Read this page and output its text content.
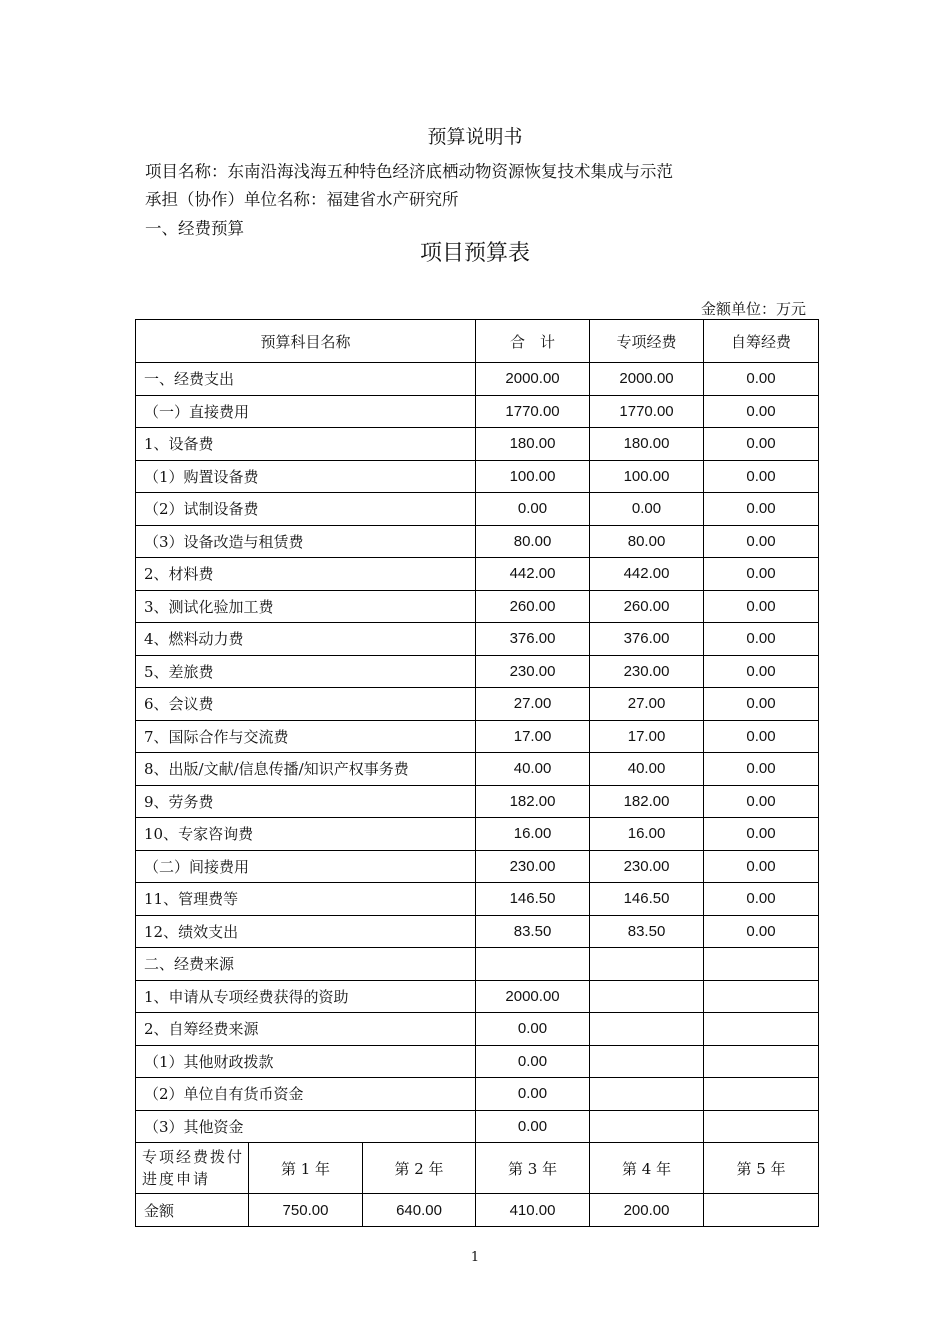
预算说明书
项目名称：东南沿海浅海五种特色经济底栖动物资源恢复技术集成与示范
承担（协作）单位名称：福建省水产研究所
一、经费预算
项目预算表
金额单位：万元
预算科目名称			合　计	专项经费	自筹经费
一、经费支出			2000.00	2000.00	0.00
（一）直接费用			1770.00	1770.00	0.00
1、设备费			180.00	180.00	0.00
（1）购置设备费			100.00	100.00	0.00
（2）试制设备费			0.00	0.00	0.00
（3）设备改造与租赁费			80.00	80.00	0.00
2、材料费			442.00	442.00	0.00
3、测试化验加工费			260.00	260.00	0.00
4、燃料动力费			376.00	376.00	0.00
5、差旅费			230.00	230.00	0.00
6、会议费			27.00	27.00	0.00
7、国际合作与交流费			17.00	17.00	0.00
8、出版/文献/信息传播/知识产权事务费			40.00	40.00	0.00
9、劳务费			182.00	182.00	0.00
10、专家咨询费			16.00	16.00	0.00
（二）间接费用			230.00	230.00	0.00
11、管理费等			146.50	146.50	0.00
12、绩效支出			83.50	83.50	0.00
二、经费来源					
1、申请从专项经费获得的资助			2000.00		
2、自筹经费来源			0.00		
（1）其他财政拨款			0.00		
（2）单位自有货币资金			0.00		
（3）其他资金			0.00		
专项经费拨付进度申请	第 1 年	第 2 年	第 3 年	第 4 年	第 5 年
金额	750.00	640.00	410.00	200.00	
1
